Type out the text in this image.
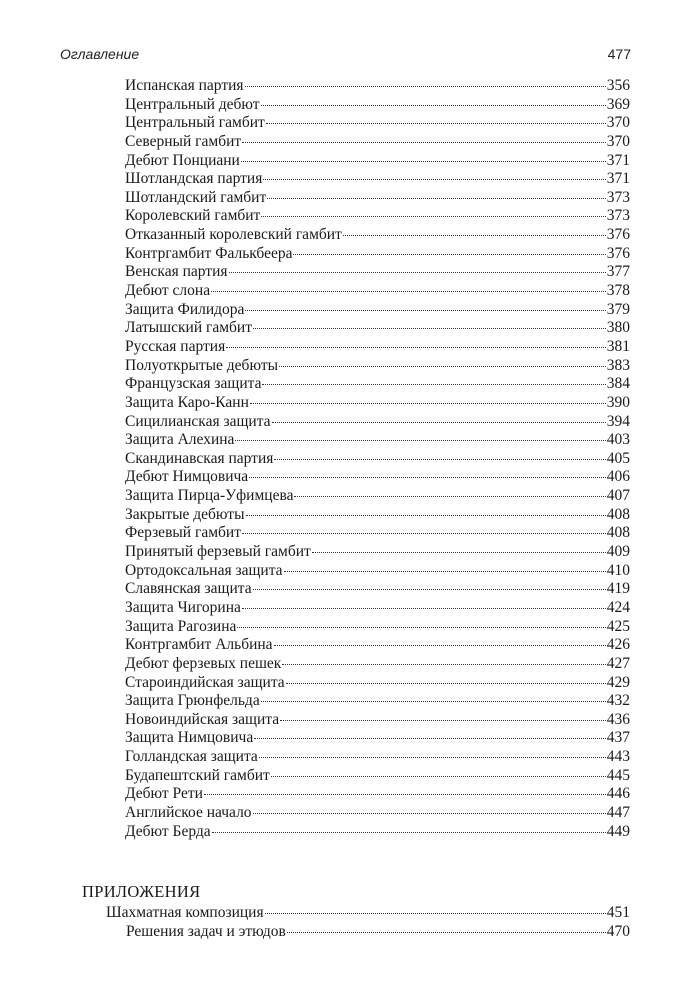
Оглавление	477
Испанская партия	356
Центральный дебют	369
Центральный гамбит	370
Северный гамбит	370
Дебют Понциани	371
Шотландская партия	371
Шотландский гамбит	373
Королевский гамбит	373
Отказанный королевский гамбит	376
Контргамбит Фалькбеера	376
Венская партия	377
Дебют слона	378
Защита Филидора	379
Латышский гамбит	380
Русская партия	381
Полуоткрытые дебюты	383
Французская защита	384
Защита Каро-Канн	390
Сицилианская защита	394
Защита Алехина	403
Скандинавская партия	405
Дебют Нимцовича	406
Защита Пирца-Уфимцева	407
Закрытые дебюты	408
Ферзевый гамбит	408
Принятый ферзевый гамбит	409
Ортодоксальная защита	410
Славянская защита	419
Защита Чигорина	424
Защита Рагозина	425
Контргамбит Альбина	426
Дебют ферзевых пешек	427
Староиндийская защита	429
Защита Грюнфельда	432
Новоиндийская защита	436
Защита Нимцовича	437
Голландская защита	443
Будапештский гамбит	445
Дебют Рети	446
Английское начало	447
Дебют Берда	449
ПРИЛОЖЕНИЯ
Шахматная композиция	451
Решения задач и этюдов	470
